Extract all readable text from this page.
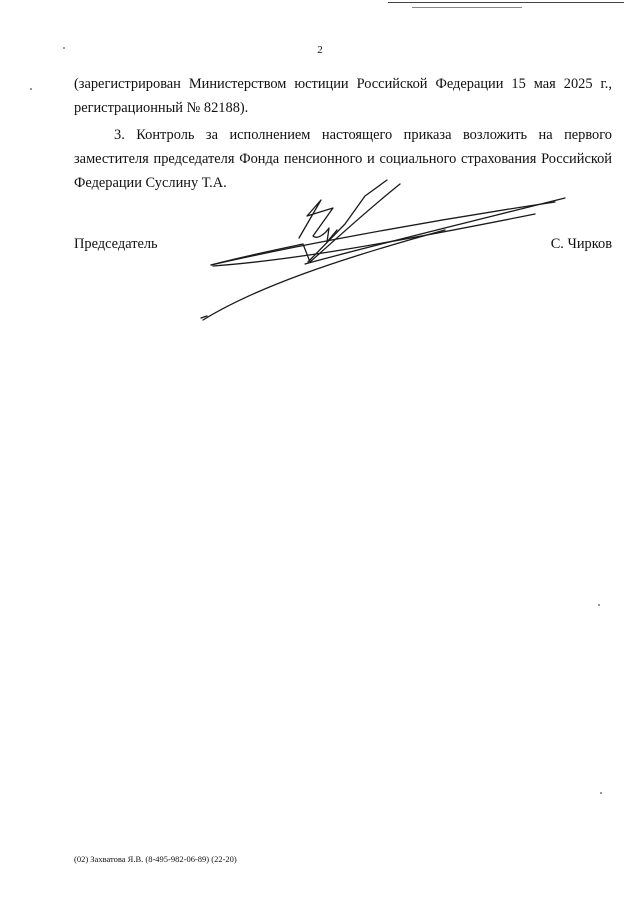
2

(зарегистрирован Министерством юстиции Российской Федерации 15 мая 2025 г., регистрационный № 82188).

3. Контроль за исполнением настоящего приказа возложить на первого заместителя председателя Фонда пенсионного и социального страхования Российской Федерации Суслину Т.А.

Председатель	С. Чирков
(02) Захватова Я.В. (8-495-982-06-89) (22-20)
